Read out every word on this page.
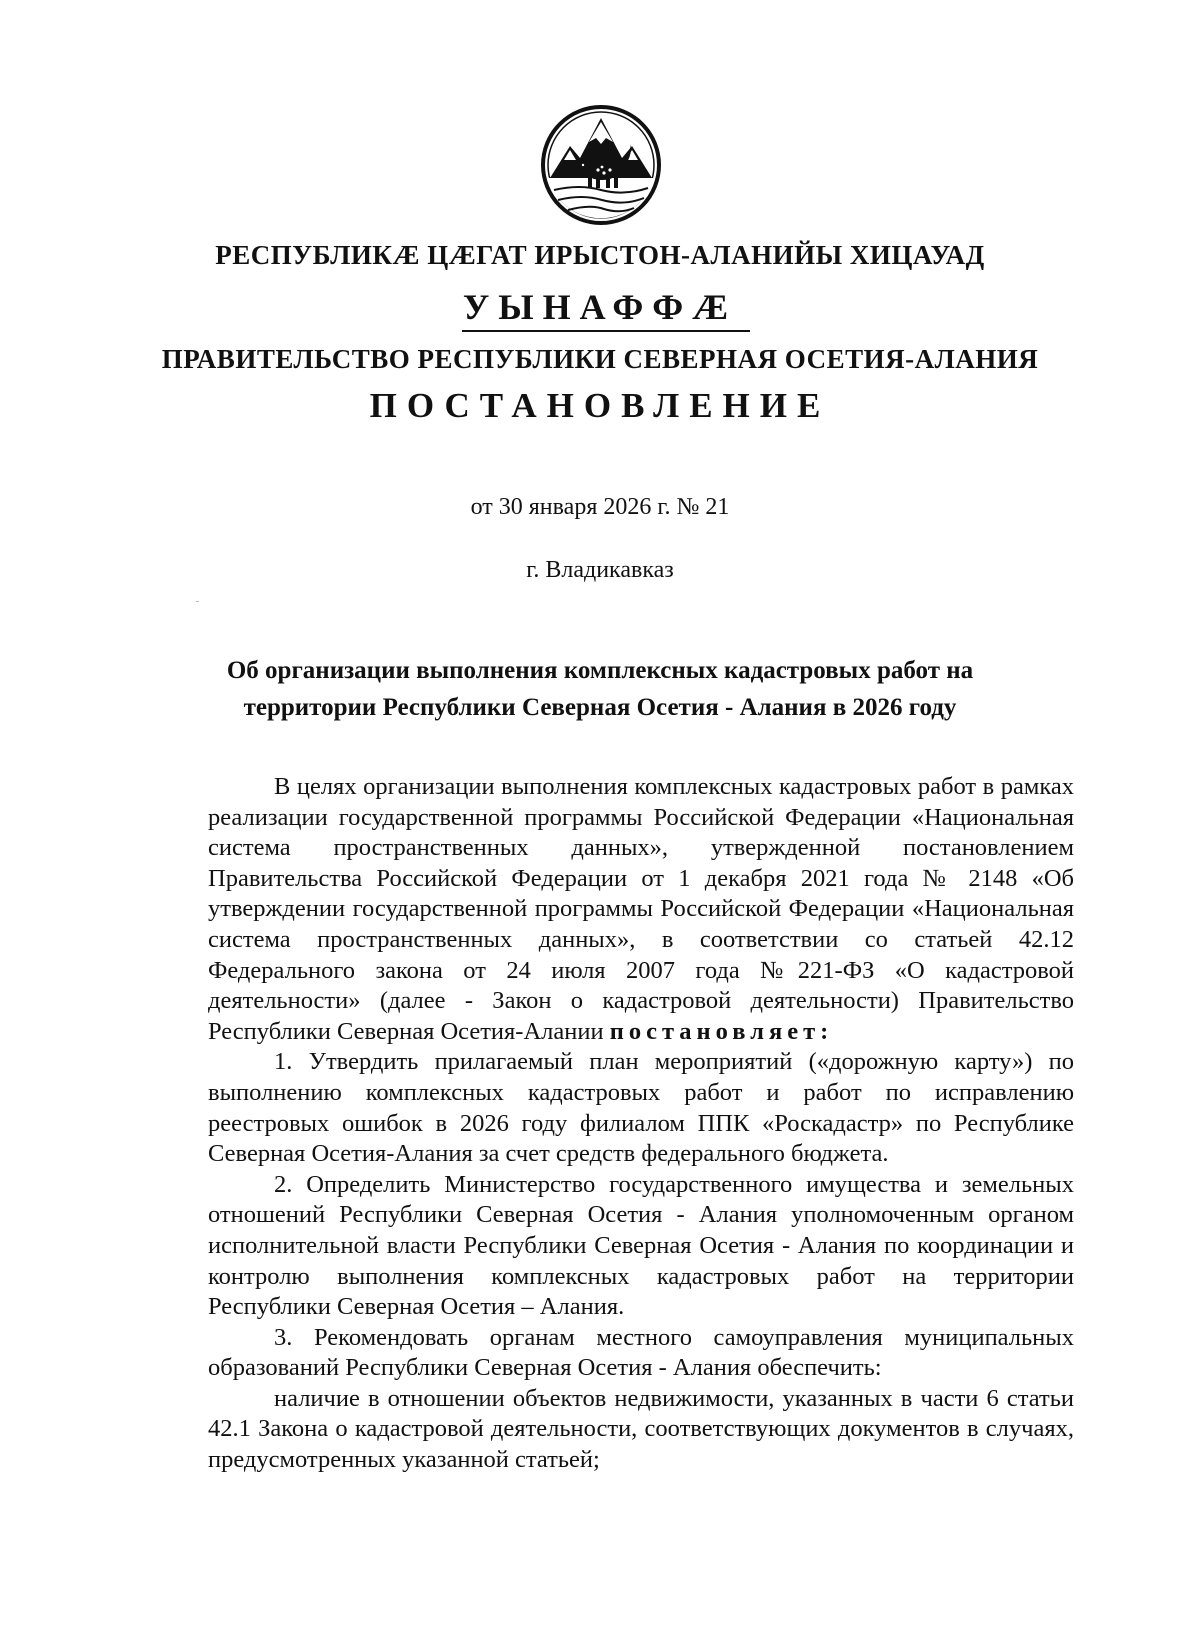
РЕСПУБЛИКÆ ЦÆГАТ ИРЫСТОН-АЛАНИЙЫ ХИЦАУАД
УЫНАФФÆ
ПРАВИТЕЛЬСТВО РЕСПУБЛИКИ СЕВЕРНАЯ ОСЕТИЯ-АЛАНИЯ
ПОСТАНОВЛЕНИЕ
от 30 января 2026 г. № 21
г. Владикавказ
Об организации выполнения комплексных кадастровых работ на
территории Республики Северная Осетия - Алания в 2026 году

В целях организации выполнения комплексных кадастровых работ в рамках реализации государственной программы Российской Федерации «Национальная система пространственных данных», утвержденной постановлением Правительства Российской Федерации от 1 декабря 2021 года № 2148 «Об утверждении государственной программы Российской Федерации «Национальная система пространственных данных», в соответствии со статьей 42.12 Федерального закона от 24 июля 2007 года №221-ФЗ «О кадастровой деятельности» (далее - Закон о кадастровой деятельности) Правительство Республики Северная Осетия-Алании постановляет:

1. Утвердить прилагаемый план мероприятий («дорожную карту») по выполнению комплексных кадастровых работ и работ по исправлению реестровых ошибок в 2026 году филиалом ППК «Роскадастр» по Республике Северная Осетия-Алания за счет средств федерального бюджета.

2. Определить Министерство государственного имущества и земельных отношений Республики Северная Осетия - Алания уполномоченным органом исполнительной власти Республики Северная Осетия - Алания по координации и контролю выполнения комплексных кадастровых работ на территории Республики Северная Осетия – Алания.

3. Рекомендовать органам местного самоуправления муниципальных образований Республики Северная Осетия - Алания обеспечить:

наличие в отношении объектов недвижимости, указанных в части 6 статьи 42.1 Закона о кадастровой деятельности, соответствующих документов в случаях, предусмотренных указанной статьей;
